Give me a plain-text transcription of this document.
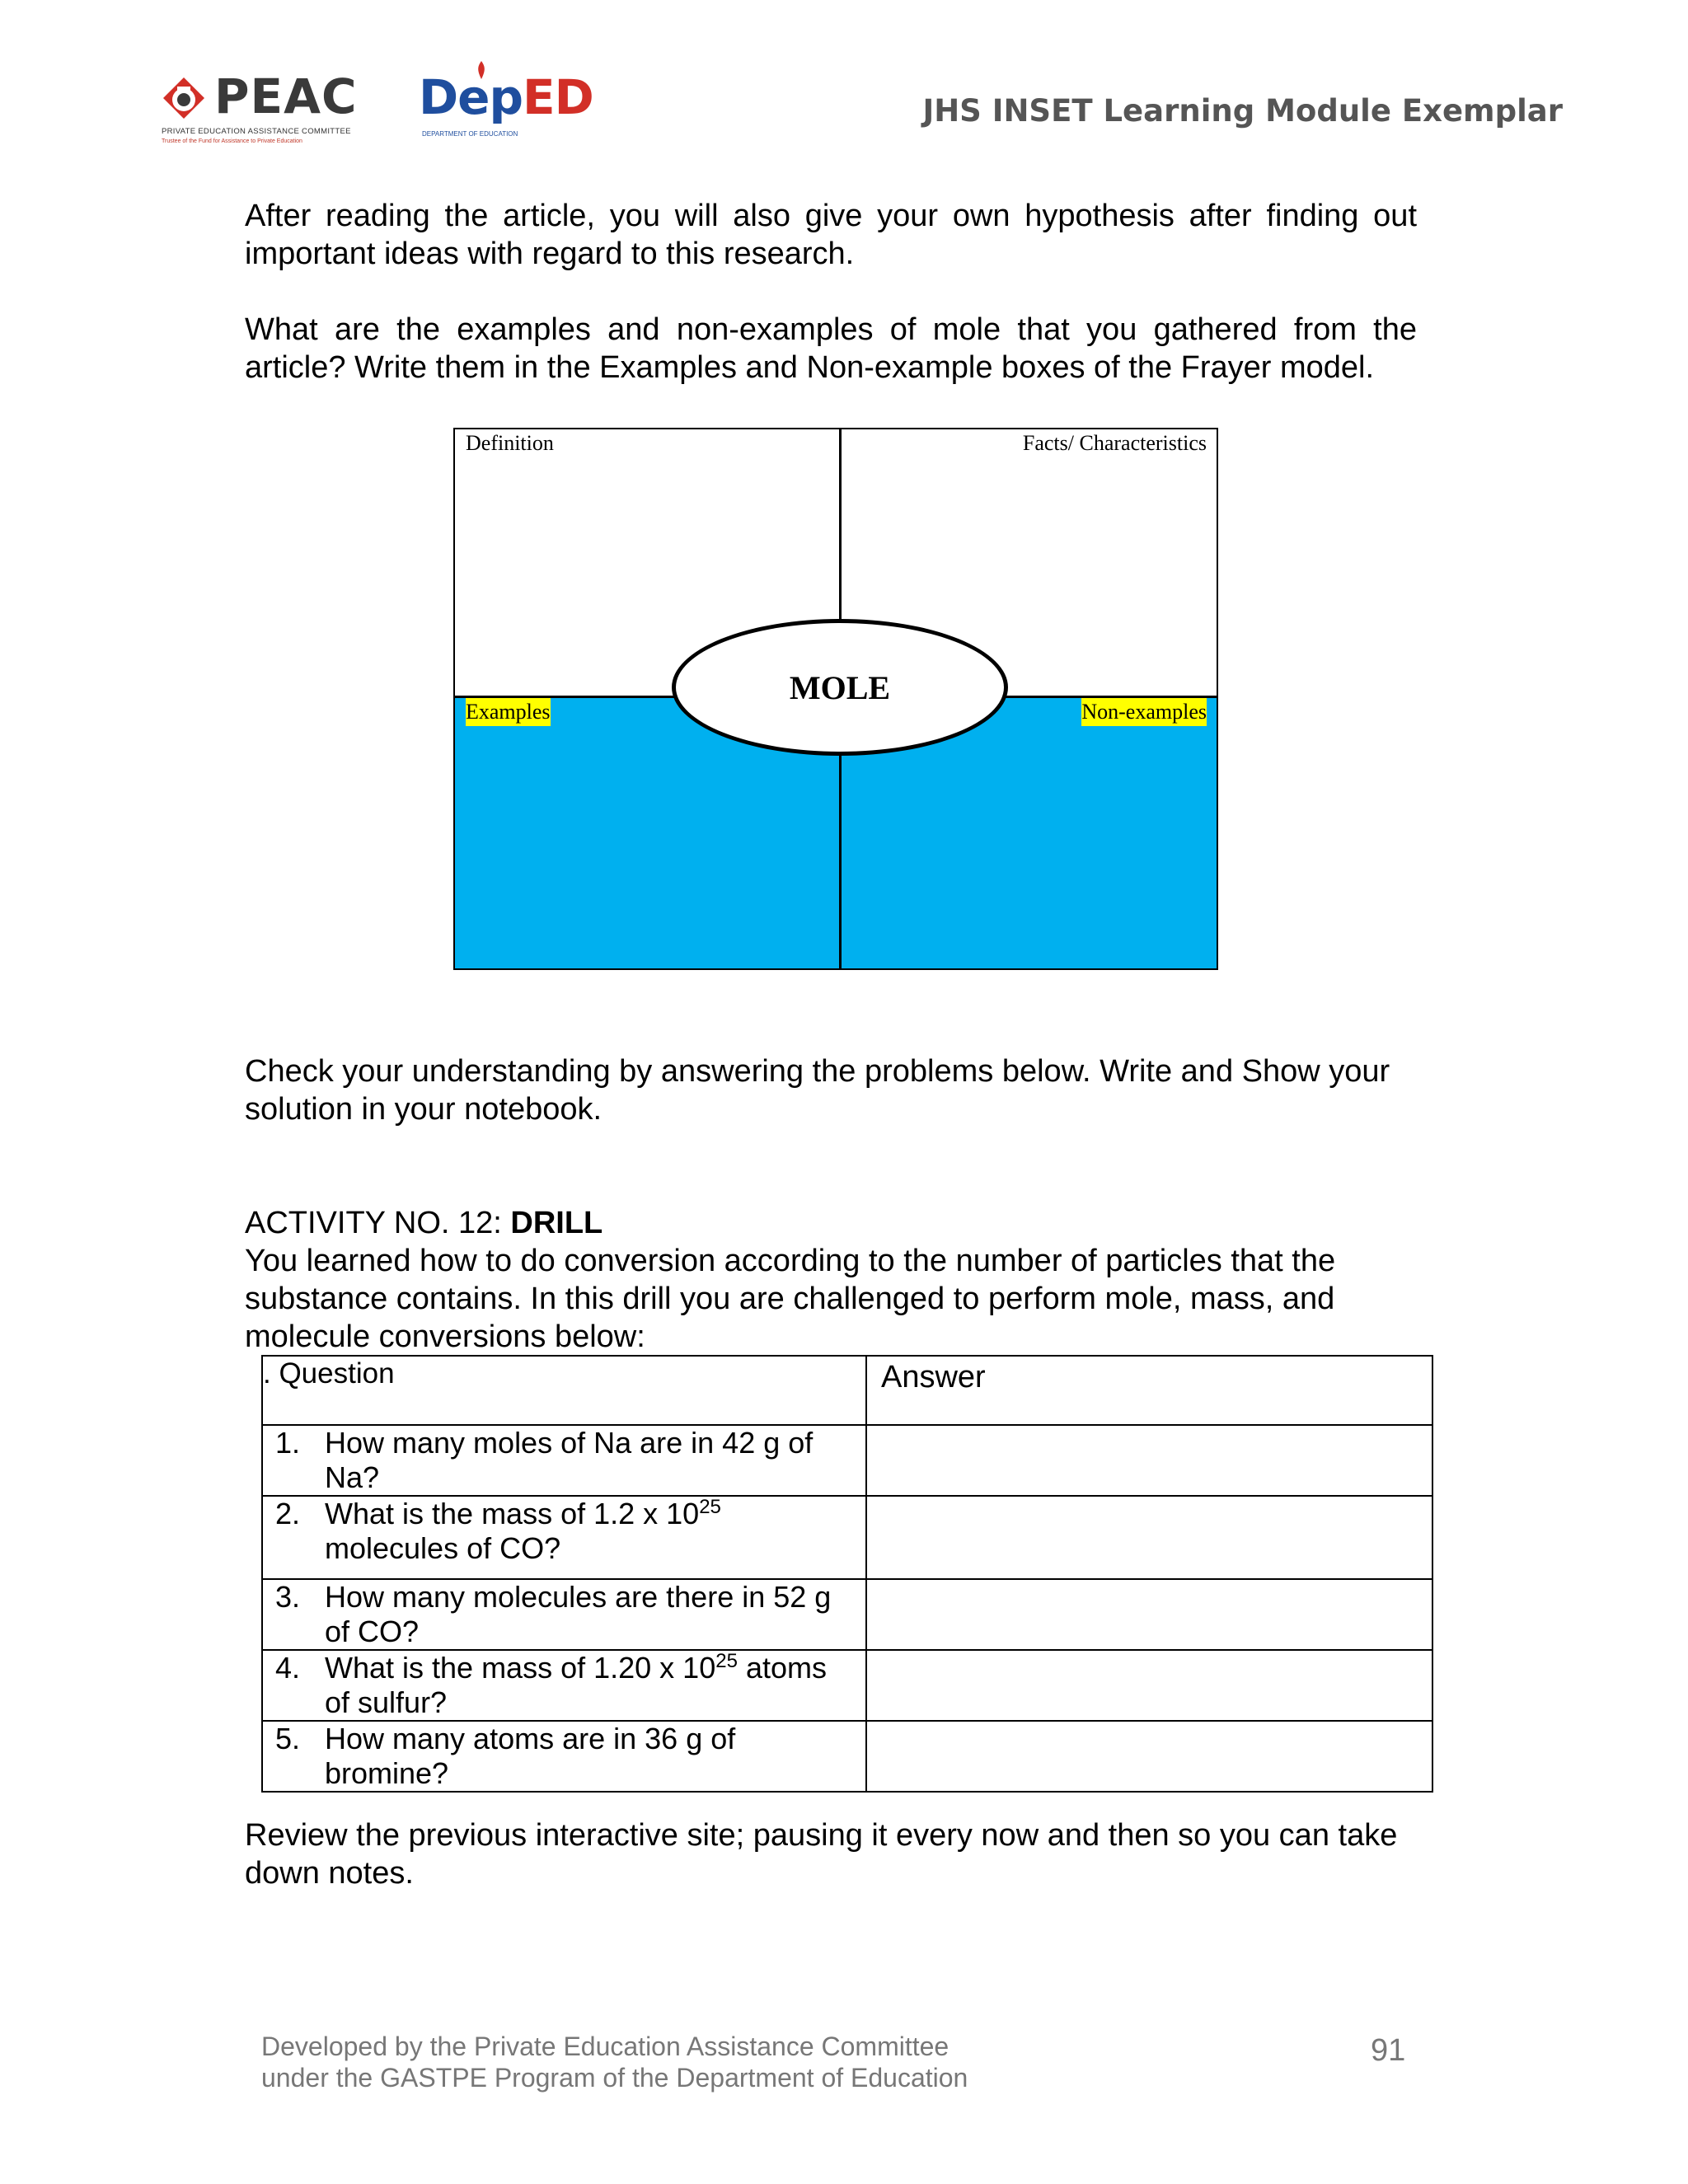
PEAC
PRIVATE EDUCATION ASSISTANCE COMMITTEE
Trustee of the Fund for Assistance to Private Education
DepED
DEPARTMENT OF EDUCATION
JHS INSET Learning Module Exemplar
After reading the article, you will also give your own hypothesis after finding out important ideas with regard to this research.
What are the examples and non-examples of mole that you gathered from the article? Write them in the Examples and Non-example boxes of the Frayer model.
Definition	Facts/ Characteristics
Examples	Non-examples
MOLE
Check your understanding by answering the problems below. Write and Show your solution in your notebook.
ACTIVITY NO. 12: DRILL
You learned how to do conversion according to the number of particles that the substance contains. In this drill you are challenged to perform mole, mass, and molecule conversions below:
. Question	Answer

1. How many moles of Na are in 42 g of Na?	

2. What is the mass of 1.2 x $10^{25}$ molecules of CO?	

3. How many molecules are there in 52 g of CO?	

4. What is the mass of 1.20 x $10^{25}$ atoms of sulfur?	

5. How many atoms are in 36 g of bromine?	

Review the previous interactive site; pausing it every now and then so you can take down notes.
Developed by the Private Education Assistance Committee
under the GASTPE Program of the Department of Education
91
